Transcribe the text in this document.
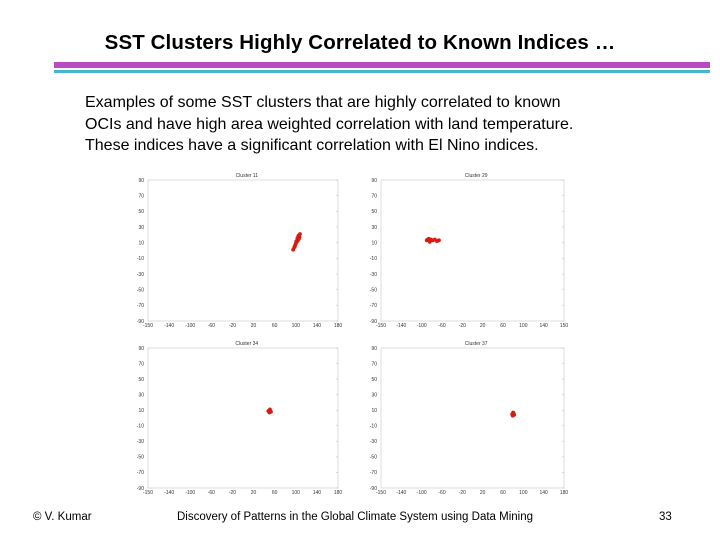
SST Clusters Highly Correlated to Known Indices …
Examples of some SST clusters that are highly correlated to known
OCIs and have high area weighted correlation with land temperature.
These indices have a significant correlation with El Nino indices.
Cluster 11
90
70
50
30
10
-10
-30
-50
-70
-90
-150 -140 -100 -60	-20	20	60	100	140	180
Cluster 29
90
70
50
30
10
-10
-30
-50
-70
-90
-150 -140 -100 -60	-20	20	60	100 140 150
Cluster 34
90
70
50
30
10
-10
-30
-50
-70
-90
-150 -140 -100 -60	-20	20	60	100	140	180
Cluster 37
90
70
50
30
10
-10
-30
-50
-70
-90
-150 -140 -100 -60	-20	20	60	100 140 180
© V. Kumar	Discovery of Patterns in the Global Climate System using Data Mining	33
